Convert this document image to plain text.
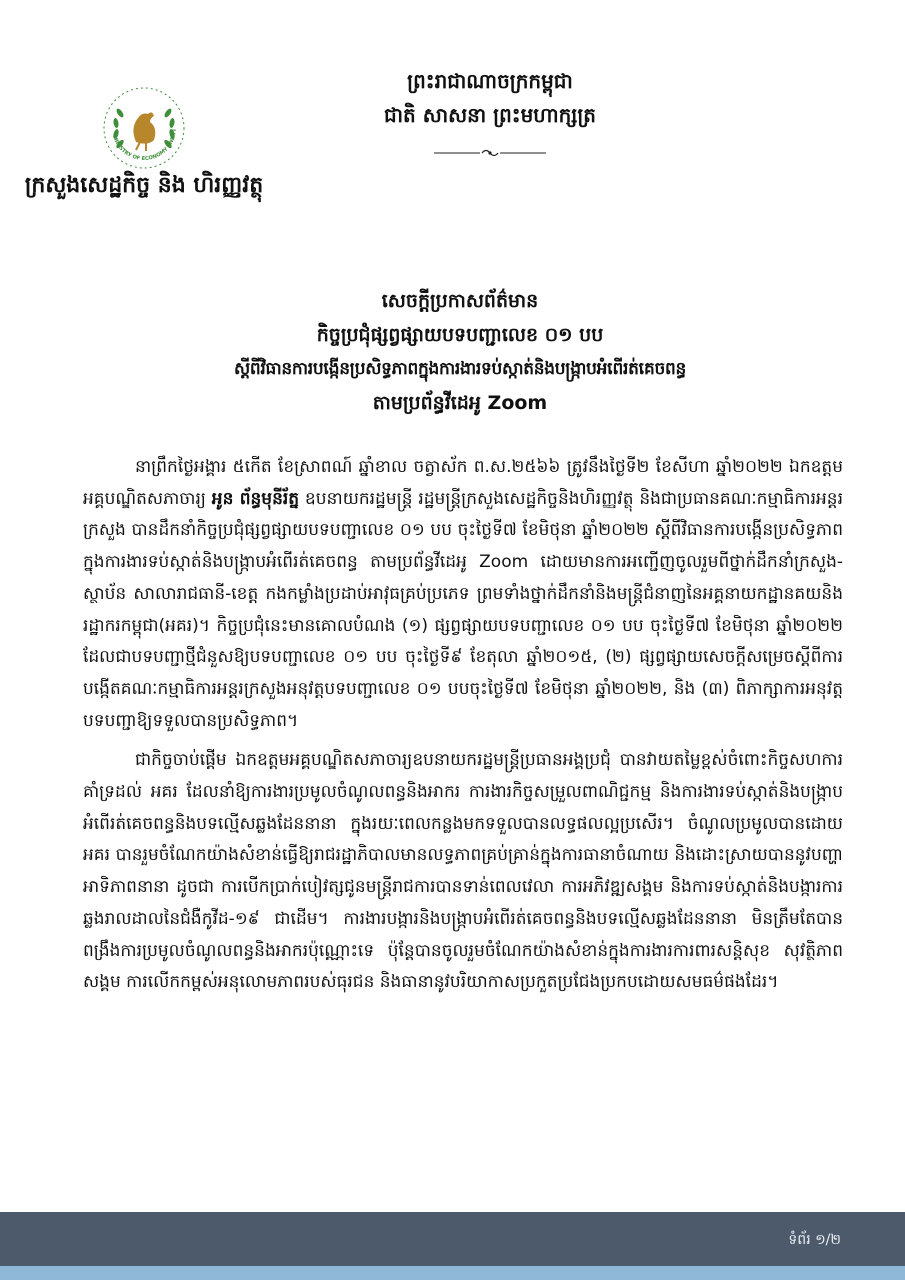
MINISTRY OF ECONOMY AND FI
ក្រសួងសេដ្ឋកិច្ច និង ហិរញ្ញវត្ថុ
ព្រះរាជាណាចក្រកម្ពុជា
ជាតិ សាសនា ព្រះមហាក្សត្រ
សេចក្តីប្រកាសព័ត៌មាន
កិច្ចប្រជុំផ្សព្វផ្សាយបទបញ្ជាលេខ ០១ បប
ស្តីពីវិធានការបង្កើនប្រសិទ្ធភាពក្នុងការងារទប់ស្កាត់និងបង្ក្រាបអំពើរត់គេចពន្ធ
តាមប្រព័ន្ធវីដេអូ Zoom

នាព្រឹកថ្ងៃអង្គារ ៥កើត ខែស្រាពណ៍ ឆ្នាំខាល ចត្វាស័ក ព.ស.២៥៦៦ ត្រូវនឹងថ្ងៃទី២ ខែសីហា ឆ្នាំ២០២២ ឯកឧត្តមអគ្គបណ្ឌិតសភាចារ្យ អូន ព័ន្ធមុនីរ័ត្ន ឧបនាយករដ្ឋមន្ត្រី រដ្ឋមន្ត្រីក្រសួងសេដ្ឋកិច្ចនិងហិរញ្ញវត្ថុ និងជាប្រធានគណៈកម្មាធិការអន្តរក្រសួង បានដឹកនាំកិច្ចប្រជុំផ្សព្វផ្សាយបទបញ្ជាលេខ ០១ បប ចុះថ្ងៃទី៧ ខែមិថុនា ឆ្នាំ២០២២ ស្តីពីវិធានការបង្កើនប្រសិទ្ធភាពក្នុងការងារទប់ស្កាត់និងបង្ក្រាបអំពើរត់គេចពន្ធ តាមប្រព័ន្ធវីដេអូ Zoom ដោយមានការអញ្ជើញចូលរួមពីថ្នាក់ដឹកនាំក្រសួង-ស្ថាប័ន សាលារាជធានី-ខេត្ត កងកម្លាំងប្រដាប់អាវុធគ្រប់ប្រភេទ ព្រមទាំងថ្នាក់ដឹកនាំនិងមន្ត្រីជំនាញនៃអគ្គនាយកដ្ឋានគយនិងរដ្ឋាករកម្ពុជា(អគរ)។ កិច្ចប្រជុំនេះមានគោលបំណង (១) ផ្សព្វផ្សាយបទបញ្ជាលេខ ០១ បប ចុះថ្ងៃទី៧ ខែមិថុនា ឆ្នាំ២០២២ ដែលជាបទបញ្ជាថ្មីជំនួសឱ្យបទបញ្ជាលេខ ០១ បប ចុះថ្ងៃទី៩ ខែតុលា ឆ្នាំ២០១៥, (២) ផ្សព្វផ្សាយសេចក្តីសម្រេចស្តីពីការបង្កើតគណៈកម្មាធិការអន្តរក្រសួងអនុវត្តបទបញ្ជាលេខ ០១ បបចុះថ្ងៃទី៧ ខែមិថុនា ឆ្នាំ២០២២, និង (៣) ពិភាក្សាការអនុវត្តបទបញ្ជាឱ្យទទួលបានប្រសិទ្ធភាព។

ជាកិច្ចចាប់ផ្តើម ឯកឧត្តមអគ្គបណ្ឌិតសភាចារ្យឧបនាយករដ្ឋមន្ត្រីប្រធានអង្គប្រជុំ បានវាយតម្លៃខ្ពស់ចំពោះកិច្ចសហការគាំទ្រដល់ អគរ ដែលនាំឱ្យការងារប្រមូលចំណូលពន្ធនិងអាករ ការងារកិច្ចសម្រួលពាណិជ្ជកម្ម និងការងារទប់ស្កាត់និងបង្ក្រាបអំពើរត់គេចពន្ធនិងបទល្មើសឆ្លងដែននានា ក្នុងរយៈពេលកន្លងមកទទួលបានលទ្ធផលល្អប្រសើរ។ ចំណូលប្រមូលបានដោយ អគរ បានរួមចំណែកយ៉ាងសំខាន់ធ្វើឱ្យរាជរដ្ឋាភិបាលមានលទ្ធភាពគ្រប់គ្រាន់ក្នុងការធានាចំណាយ និងដោះស្រាយបាននូវបញ្ហាអាទិភាពនានា ដូចជា ការបើកប្រាក់បៀវត្សជូនមន្ត្រីរាជការបានទាន់ពេលវេលា ការអភិវឌ្ឍសង្គម និងការទប់ស្កាត់និងបង្ការការឆ្លងរាលដាលនៃជំងឺកូវីដ-១៩ ជាដើម។ ការងារបង្ការនិងបង្ក្រាបអំពើរត់គេចពន្ធនិងបទល្មើសឆ្លងដែននានា មិនត្រឹមតែបានពង្រឹងការប្រមូលចំណូលពន្ធនិងអាករប៉ុណ្ណោះទេ ប៉ុន្តែបានចូលរួមចំណែកយ៉ាងសំខាន់ក្នុងការងារការពារសន្តិសុខ សុវត្ថិភាពសង្គម ការលើកកម្ពស់អនុលោមភាពរបស់ធុរជន និងធានានូវបរិយាកាសប្រកួតប្រជែងប្រកបដោយសមធម៌ផងដែរ។

ទំព័រ ១/២
